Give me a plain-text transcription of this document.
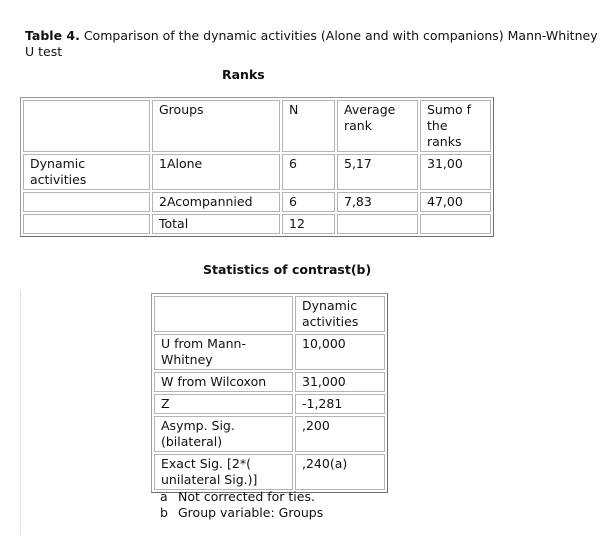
Table 4. Comparison of the dynamic activities (Alone and with companions) Mann-Whitney U test
Ranks
	Groups	N	Average rank	Sumo f the ranks
Dynamic activities	1Alone	6	5,17	31,00
	2Acompannied	6	7,83	47,00
	Total	12		
Statistics of contrast(b)
	Dynamic activities
U from Mann-Whitney	10,000
W from Wilcoxon	31,000
Z	-1,281
Asymp. Sig. (bilateral)	,200
Exact Sig. [2*( unilateral Sig.)]	,240(a)
a Not corrected for ties.
b Group variable: Groups
